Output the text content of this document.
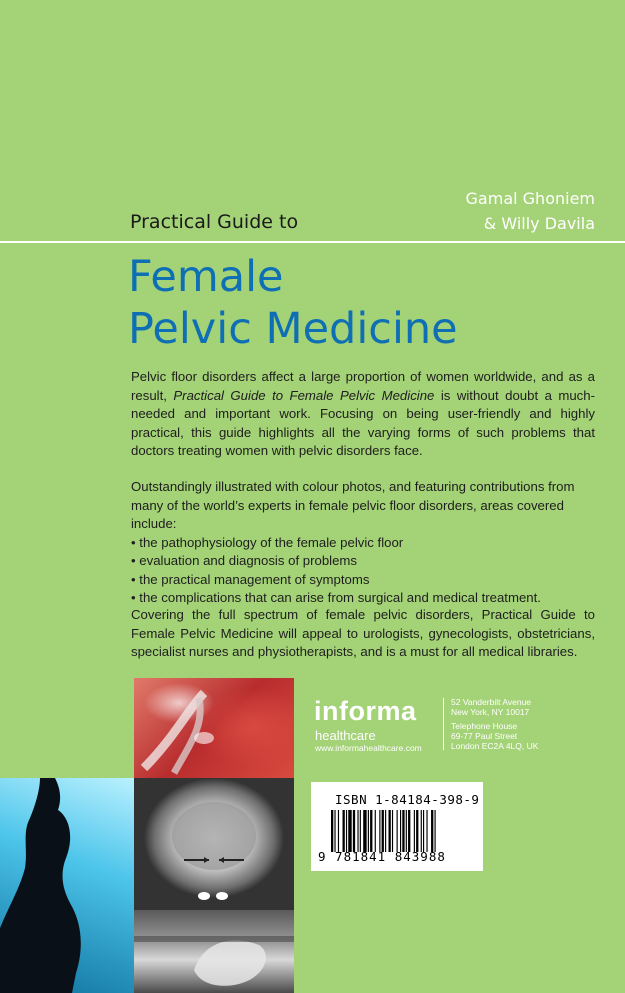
Gamal Ghoniem
& Willy Davila
Practical Guide to
Female
Pelvic Medicine
Pelvic floor disorders affect a large proportion of women worldwide, and as a result, Practical Guide to Female Pelvic Medicine is without doubt a much-needed and important work. Focusing on being user-friendly and highly practical, this guide highlights all the varying forms of such problems that doctors treating women with pelvic disorders face.
Outstandingly illustrated with colour photos, and featuring contributions from many of the world’s experts in female pelvic floor disorders, areas covered include:
• the pathophysiology of the female pelvic floor
• evaluation and diagnosis of problems
• the practical management of symptoms
• the complications that can arise from surgical and medical treatment.
Covering the full spectrum of female pelvic disorders, Practical Guide to Female Pelvic Medicine will appeal to urologists, gynecologists, obstetricians, specialist nurses and physiotherapists, and is a must for all medical libraries.
informa
healthcare
www.informahealthcare.com
52 Vanderbilt Avenue
New York, NY 10017
Telephone House
69-77 Paul Street
London EC2A 4LQ, UK
ISBN 1-84184-398-9
9 781841 843988
